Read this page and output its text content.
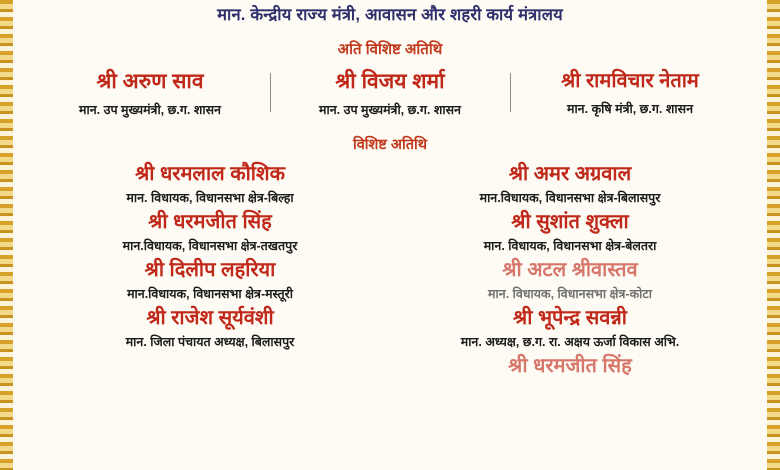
मान. केन्द्रीय राज्य मंत्री, आवासन और शहरी कार्य मंत्रालय
अति विशिष्ट अतिथि
श्री अरुण साव
मान. उप मुख्यमंत्री, छ.ग. शासन
श्री विजय शर्मा
मान. उप मुख्यमंत्री, छ.ग. शासन
श्री रामविचार नेताम
मान. कृषि मंत्री, छ.ग. शासन
विशिष्ट अतिथि
श्री धरमलाल कौशिक
मान. विधायक, विधानसभा क्षेत्र-बिल्हा
श्री धरमजीत सिंह
मान.विधायक, विधानसभा क्षेत्र-तखतपुर
श्री दिलीप लहरिया
मान.विधायक, विधानसभा क्षेत्र-मस्तूरी
श्री राजेश सूर्यवंशी
मान. जिला पंचायत अध्यक्ष, बिलासपुर
श्री अमर अग्रवाल
मान.विधायक, विधानसभा क्षेत्र-बिलासपुर
श्री सुशांत शुक्ला
मान. विधायक, विधानसभा क्षेत्र-बेलतरा
श्री अटल श्रीवास्तव
मान. विधायक, विधानसभा क्षेत्र-कोटा
श्री भूपेन्द्र सवन्नी
मान. अध्यक्ष, छ.ग. रा. अक्षय ऊर्जा विकास अभि.
श्री धरमजीत सिंह
